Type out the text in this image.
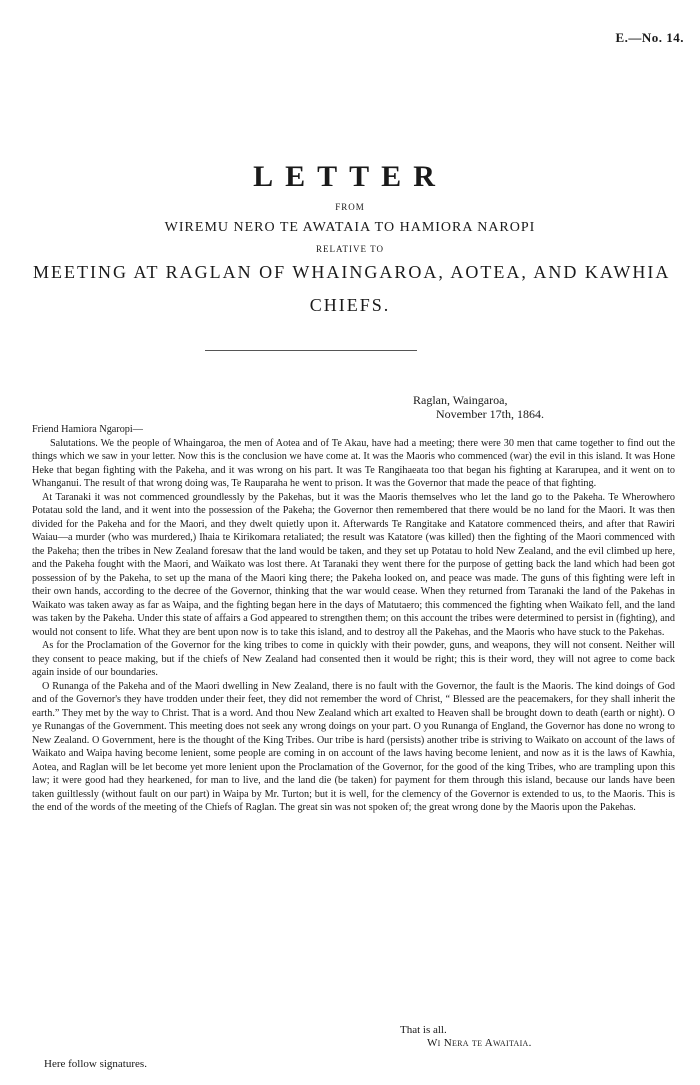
E.—No. 14.
LETTER
FROM
WIREMU NERO TE AWATAIA TO HAMIORA NAROPI
RELATIVE TO
MEETING AT RAGLAN OF WHAINGAROA, AOTEA, AND KAWHIA
CHIEFS.
Raglan, Waingaroa,
November 17th, 1864.

Friend Hamiora Ngaropi—

Salutations. We the people of Whaingaroa, the men of Aotea and of Te Akau, have had a meeting; there were 30 men that came together to find out the things which we saw in your letter. Now this is the conclusion we have come at. It was the Maoris who commenced (war) the evil in this island. It was Hone Heke that began fighting with the Pakeha, and it was wrong on his part. It was Te Rangihaeata too that began his fighting at Kararupea, and it went on to Whanganui. The result of that wrong doing was, Te Rauparaha he went to prison. It was the Governor that made the peace of that fighting.

At Taranaki it was not commenced groundlessly by the Pakehas, but it was the Maoris themselves who let the land go to the Pakeha. Te Wherowhero Potatau sold the land, and it went into the possession of the Pakeha; the Governor then remembered that there would be no land for the Maori. It was then divided for the Pakeha and for the Maori, and they dwelt quietly upon it. Afterwards Te Rangitake and Katatore commenced theirs, and after that Rawiri Waiau—a murder (who was murdered,) Ihaia te Kirikomara retaliated; the result was Katatore (was killed) then the fighting of the Maori commenced with the Pakeha; then the tribes in New Zealand foresaw that the land would be taken, and they set up Potatau to hold New Zealand, and the evil climbed up here, and the Pakeha fought with the Maori, and Waikato was lost there. At Taranaki they went there for the purpose of getting back the land which had been got possession of by the Pakeha, to set up the mana of the Maori king there; the Pakeha looked on, and peace was made. The guns of this fighting were left in their own hands, according to the decree of the Governor, thinking that the war would cease. When they returned from Taranaki the land of the Pakehas in Waikato was taken away as far as Waipa, and the fighting began here in the days of Matutaero; this commenced the fighting when Waikato fell, and the land was taken by the Pakeha. Under this state of affairs a God appeared to strengthen them; on this account the tribes were determined to persist in (fighting), and would not consent to life. What they are bent upon now is to take this island, and to destroy all the Pakehas, and the Maoris who have stuck to the Pakehas.

As for the Proclamation of the Governor for the king tribes to come in quickly with their powder, guns, and weapons, they will not consent. Neither will they consent to peace making, but if the chiefs of New Zealand had consented then it would be right; this is their word, they will not agree to come back again inside of our boundaries.

O Runanga of the Pakeha and of the Maori dwelling in New Zealand, there is no fault with the Governor, the fault is the Maoris. The kind doings of God and of the Governor's they have trodden under their feet, they did not remember the word of Christ, “ Blessed are the peacemakers, for they shall inherit the earth.” They met by the way to Christ. That is a word. And thou New Zealand which art exalted to Heaven shall be brought down to death (earth or night). O ye Runangas of the Government. This meeting does not seek any wrong doings on your part. O you Runanga of England, the Governor has done no wrong to New Zealand. O Government, here is the thought of the King Tribes. Our tribe is hard (persists) another tribe is striving to Waikato on account of the laws of Waikato and Waipa having become lenient, some people are coming in on account of the laws having become lenient, and now as it is the laws of Kawhia, Aotea, and Raglan will be let become yet more lenient upon the Proclamation of the Governor, for the good of the king Tribes, who are trampling upon this law; it were good had they hearkened, for man to live, and the land die (be taken) for payment for them through this island, because our lands have been taken guiltlessly (without fault on our part) in Waipa by Mr. Turton; but it is well, for the clemency of the Governor is extended to us, to the Maoris. This is the end of the words of the meeting of the Chiefs of Raglan. The great sin was not spoken of; the great wrong done by the Maoris upon the Pakehas.

That is all.
Wi Nera te Awaitaia.
Here follow signatures.
